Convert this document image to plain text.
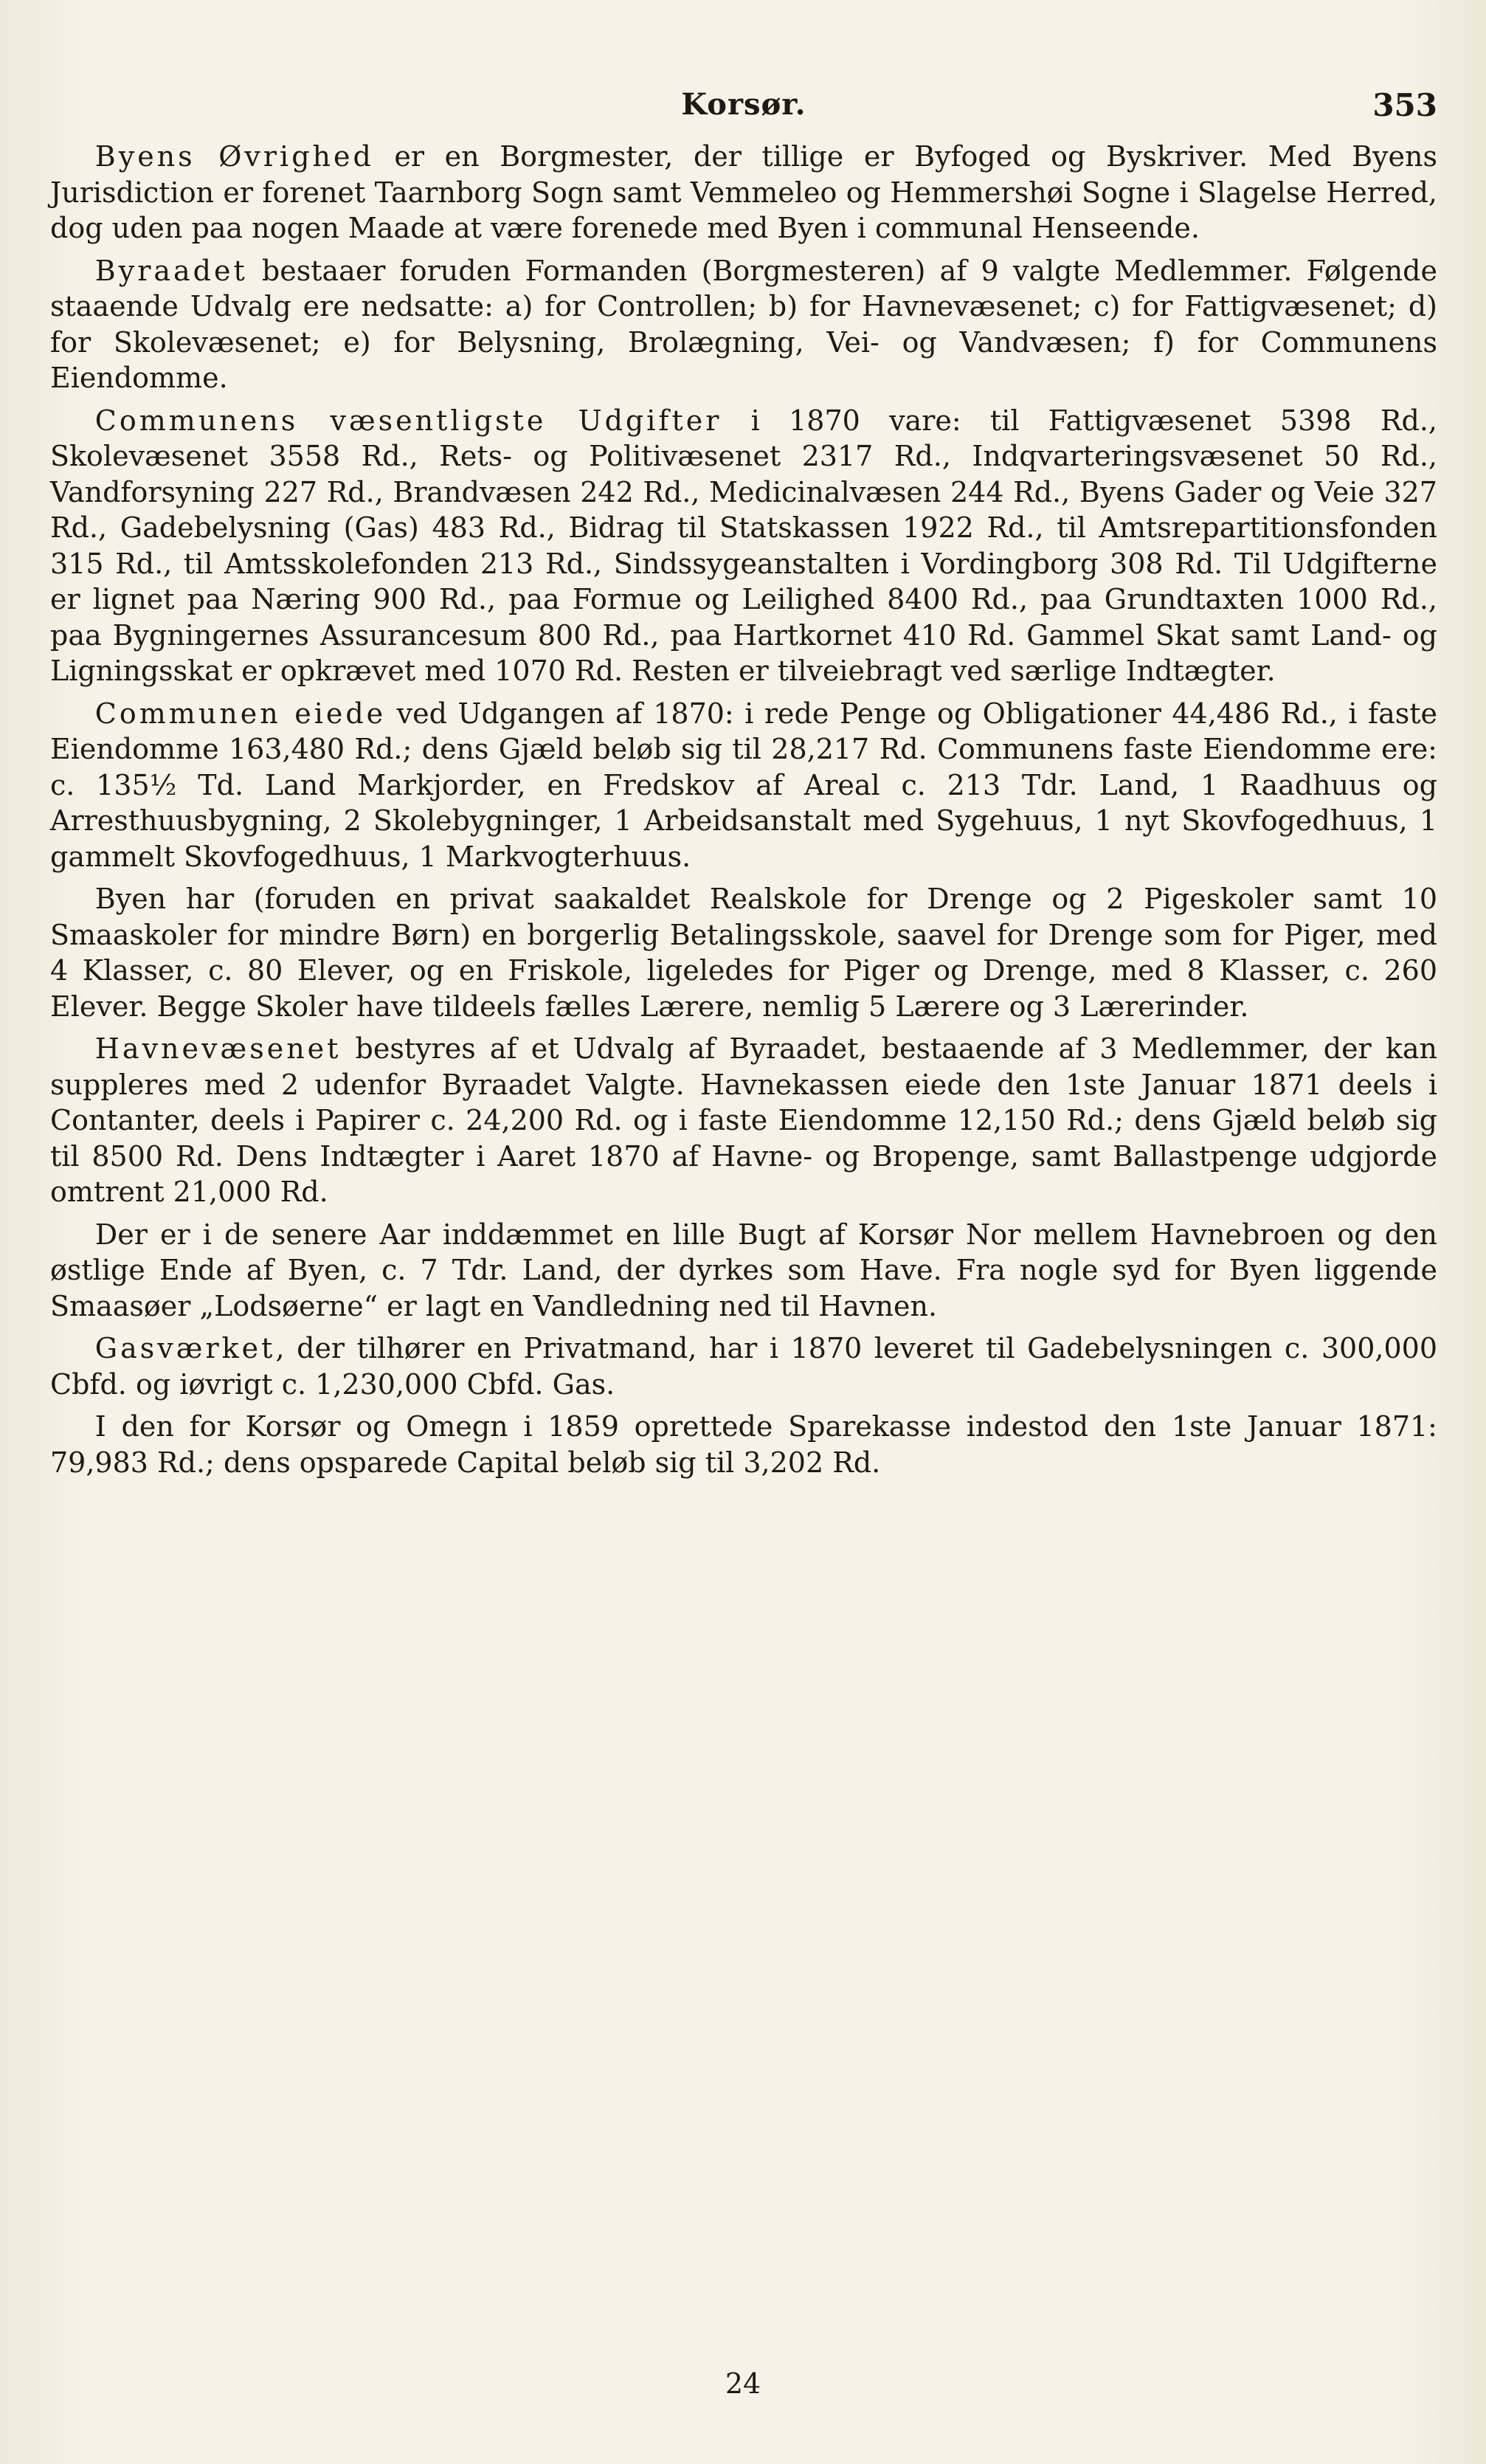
Korsør.	353

Byens Øvrighed er en Borgmester, der tillige er Byfoged og Byskriver. Med Byens Jurisdiction er forenet Taarnborg Sogn samt Vemmeleo og Hemmershøi Sogne i Slagelse Herred, dog uden paa nogen Maade at være forenede med Byen i communal Henseende.

Byraadet bestaaer foruden Formanden (Borgmesteren) af 9 valgte Medlemmer. Følgende staaende Udvalg ere nedsatte: a) for Controllen; b) for Havnevæsenet; c) for Fattigvæsenet; d) for Skolevæsenet; e) for Belysning, Brolægning, Vei- og Vandvæsen; f) for Communens Eiendomme.

Communens væsentligste Udgifter i 1870 vare: til Fattigvæsenet 5398 Rd., Skolevæsenet 3558 Rd., Rets- og Politivæsenet 2317 Rd., Indqvarteringsvæsenet 50 Rd., Vandforsyning 227 Rd., Brandvæsen 242 Rd., Medicinalvæsen 244 Rd., Byens Gader og Veie 327 Rd., Gadebelysning (Gas) 483 Rd., Bidrag til Statskassen 1922 Rd., til Amtsrepartitionsfonden 315 Rd., til Amtsskolefonden 213 Rd., Sindssygeanstalten i Vordingborg 308 Rd. Til Udgifterne er lignet paa Næring 900 Rd., paa Formue og Leilighed 8400 Rd., paa Grundtaxten 1000 Rd., paa Bygningernes Assurancesum 800 Rd., paa Hartkornet 410 Rd. Gammel Skat samt Land- og Ligningsskat er opkrævet med 1070 Rd. Resten er tilveiebragt ved særlige Indtægter.

Communen eiede ved Udgangen af 1870: i rede Penge og Obligationer 44,486 Rd., i faste Eiendomme 163,480 Rd.; dens Gjæld beløb sig til 28,217 Rd. Communens faste Eiendomme ere: c. 135½ Td. Land Markjorder, en Fredskov af Areal c. 213 Tdr. Land, 1 Raadhuus og Arresthuusbygning, 2 Skolebygninger, 1 Arbeidsanstalt med Sygehuus, 1 nyt Skovfogedhuus, 1 gammelt Skovfogedhuus, 1 Markvogterhuus.

Byen har (foruden en privat saakaldet Realskole for Drenge og 2 Pigeskoler samt 10 Smaaskoler for mindre Børn) en borgerlig Betalingsskole, saavel for Drenge som for Piger, med 4 Klasser, c. 80 Elever, og en Friskole, ligeledes for Piger og Drenge, med 8 Klasser, c. 260 Elever. Begge Skoler have tildeels fælles Lærere, nemlig 5 Lærere og 3 Lærerinder.

Havnevæsenet bestyres af et Udvalg af Byraadet, bestaaende af 3 Medlemmer, der kan suppleres med 2 udenfor Byraadet Valgte. Havnekassen eiede den 1ste Januar 1871 deels i Contanter, deels i Papirer c. 24,200 Rd. og i faste Eiendomme 12,150 Rd.; dens Gjæld beløb sig til 8500 Rd. Dens Indtægter i Aaret 1870 af Havne- og Bropenge, samt Ballastpenge udgjorde omtrent 21,000 Rd.

Der er i de senere Aar inddæmmet en lille Bugt af Korsør Nor mellem Havnebroen og den østlige Ende af Byen, c. 7 Tdr. Land, der dyrkes som Have. Fra nogle syd for Byen liggende Smaasøer „Lodsøerne“ er lagt en Vandledning ned til Havnen.

Gasværket, der tilhører en Privatmand, har i 1870 leveret til Gadebelysningen c. 300,000 Cbfd. og iøvrigt c. 1,230,000 Cbfd. Gas.

I den for Korsør og Omegn i 1859 oprettede Sparekasse indestod den 1ste Januar 1871: 79,983 Rd.; dens opsparede Capital beløb sig til 3,202 Rd.

24
